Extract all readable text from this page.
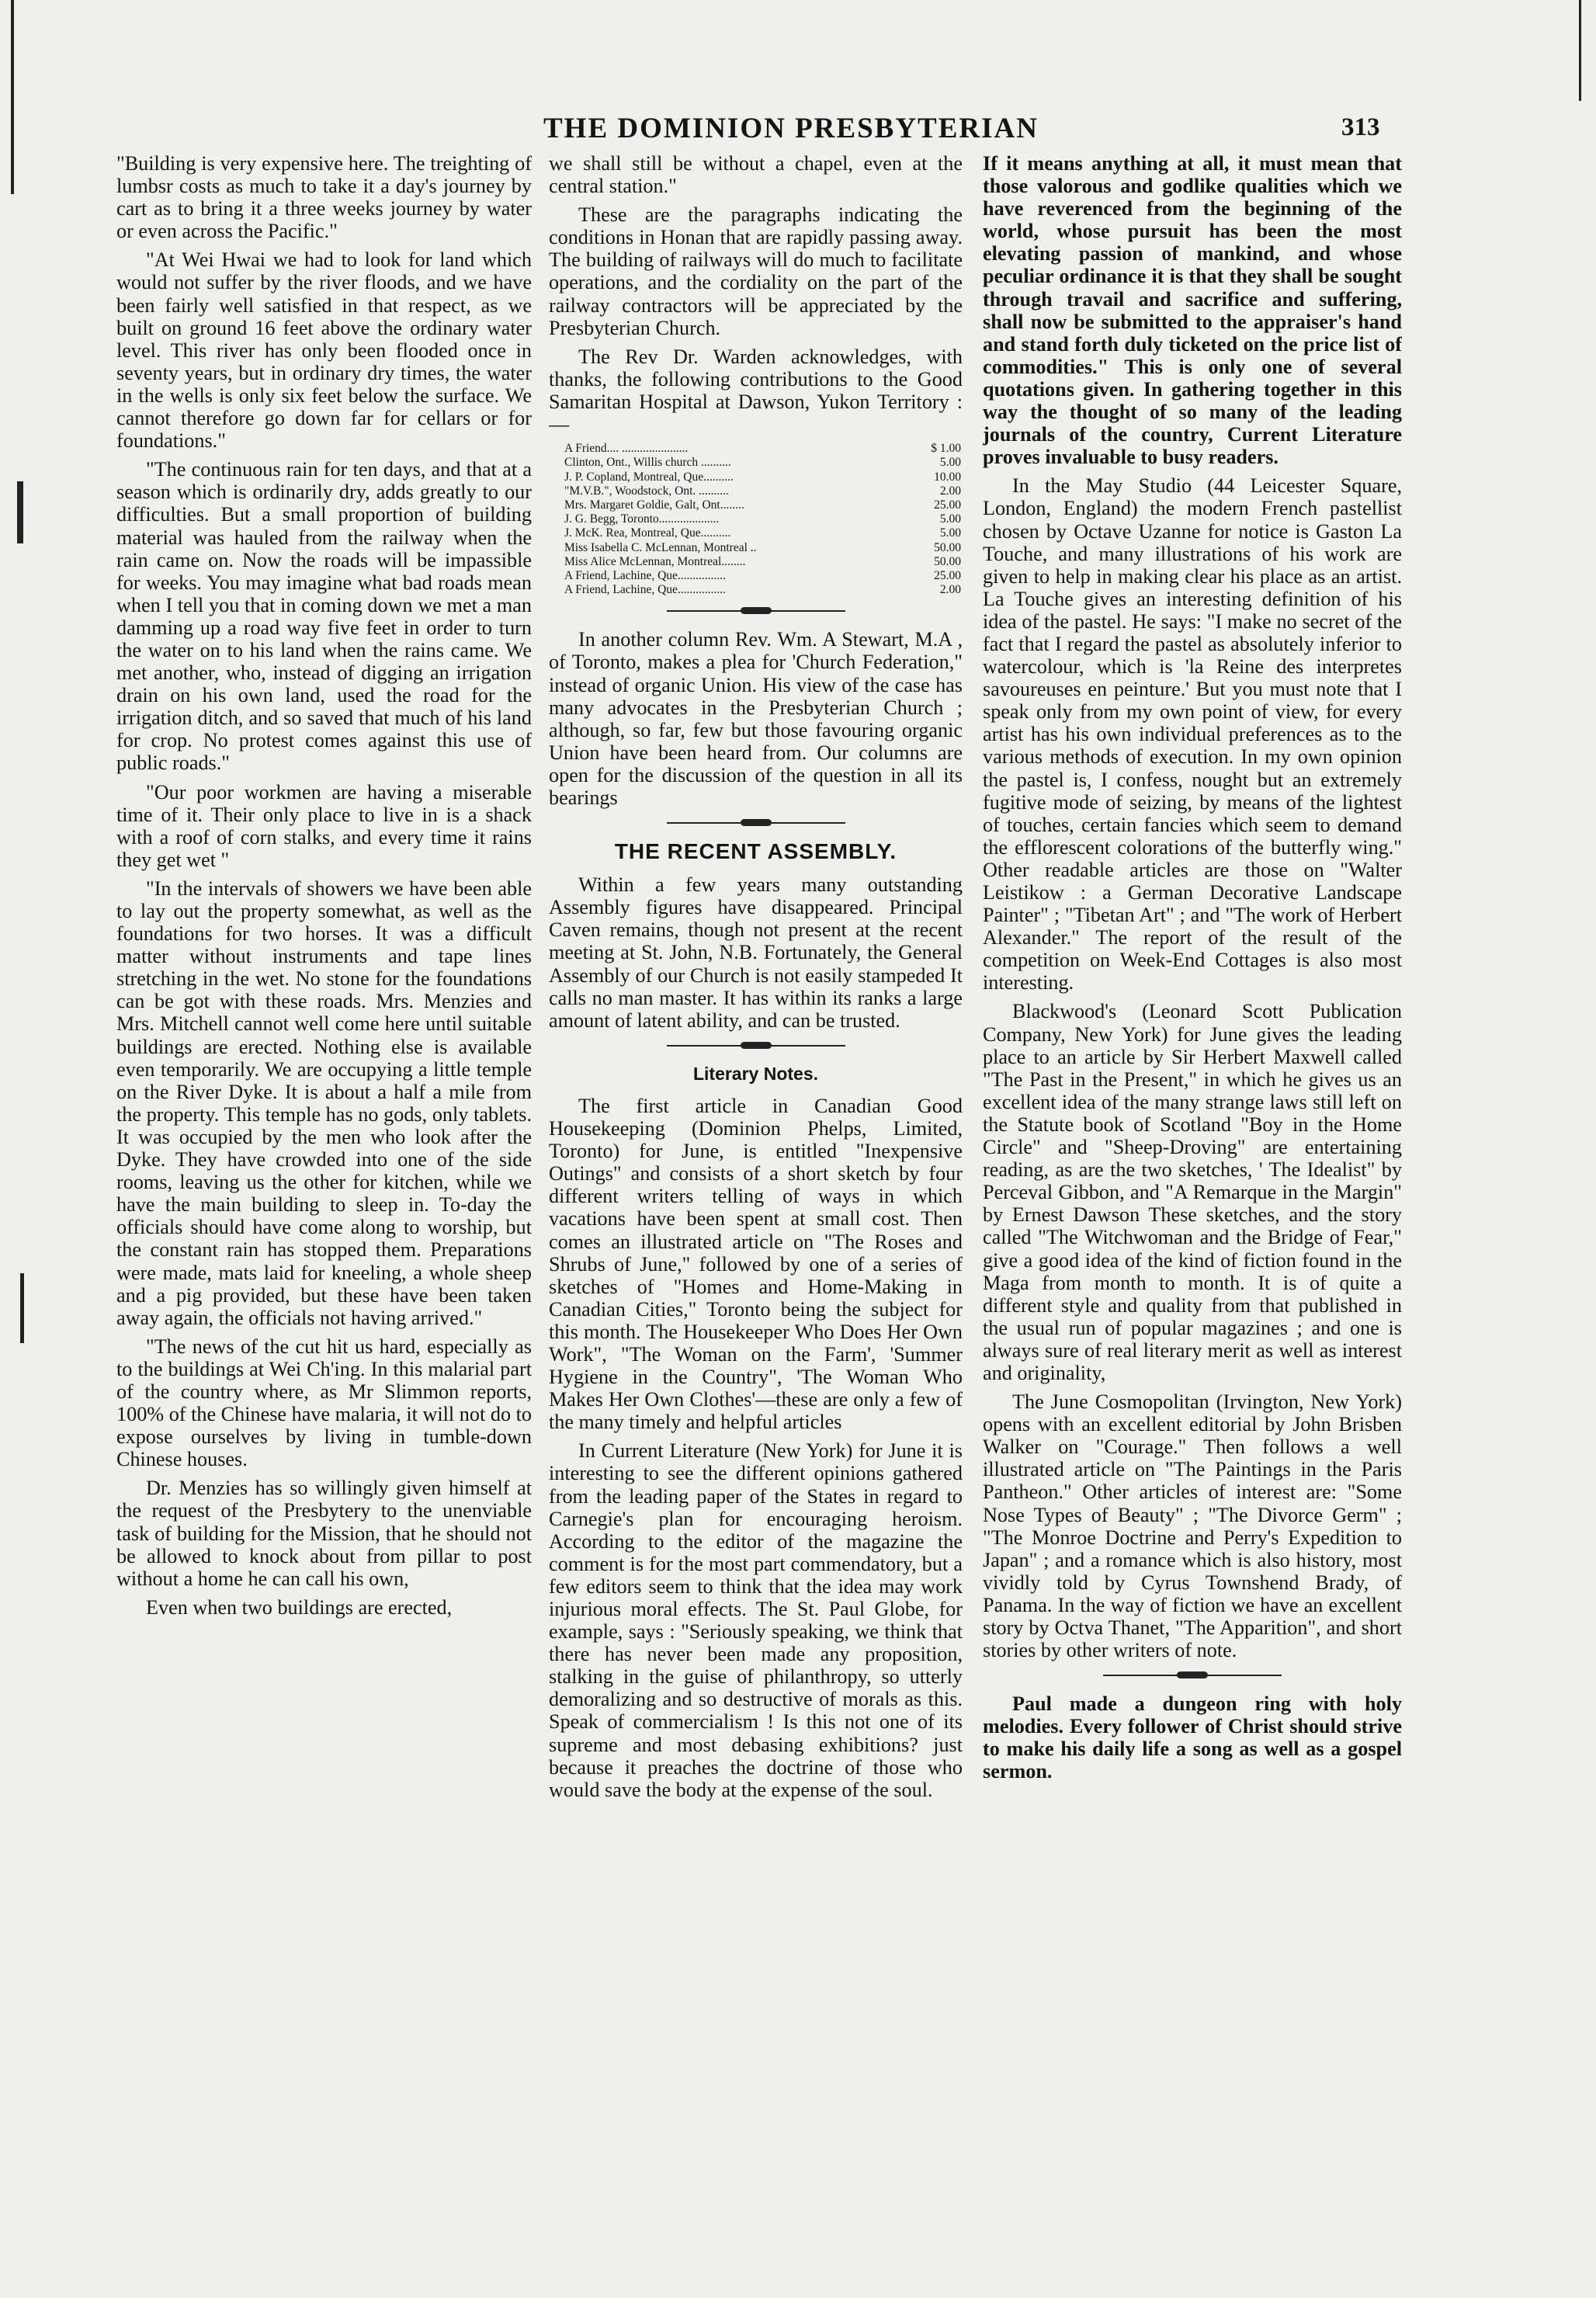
THE DOMINION PRESBYTERIAN	313

"Building is very expensive here. The treighting of lumbsr costs as much to take it a day's journey by cart as to bring it a three weeks journey by water or even across the Pacific."

"At Wei Hwai we had to look for land which would not suffer by the river floods, and we have been fairly well satisfied in that respect, as we built on ground 16 feet above the ordinary water level. This river has only been flooded once in seventy years, but in ordinary dry times, the water in the wells is only six feet below the surface. We cannot therefore go down far for cellars or for foundations."

"The continuous rain for ten days, and that at a season which is ordinarily dry, adds greatly to our difficulties. But a small proportion of building material was hauled from the railway when the rain came on. Now the roads will be impassible for weeks. You may imagine what bad roads mean when I tell you that in coming down we met a man damming up a road way five feet in order to turn the water on to his land when the rains came. We met another, who, instead of digging an irrigation drain on his own land, used the road for the irrigation ditch, and so saved that much of his land for crop. No protest comes against this use of public roads."

"Our poor workmen are having a miserable time of it. Their only place to live in is a shack with a roof of corn stalks, and every time it rains they get wet "

"In the intervals of showers we have been able to lay out the property somewhat, as well as the foundations for two horses. It was a difficult matter without instruments and tape lines stretching in the wet. No stone for the foundations can be got with these roads. Mrs. Menzies and Mrs. Mitchell cannot well come here until suitable buildings are erected. Nothing else is available even temporarily. We are occupying a little temple on the River Dyke. It is about a half a mile from the property. This temple has no gods, only tablets. It was occupied by the men who look after the Dyke. They have crowded into one of the side rooms, leaving us the other for kitchen, while we have the main building to sleep in. To-day the officials should have come along to worship, but the constant rain has stopped them. Preparations were made, mats laid for kneeling, a whole sheep and a pig provided, but these have been taken away again, the officials not having arrived."

"The news of the cut hit us hard, especially as to the buildings at Wei Ch'ing. In this malarial part of the country where, as Mr Slimmon reports, 100% of the Chinese have malaria, it will not do to expose ourselves by living in tumble-down Chinese houses.

Dr. Menzies has so willingly given himself at the request of the Presbytery to the unenviable task of building for the Mission, that he should not be allowed to knock about from pillar to post without a home he can call his own,

Even when two buildings are erected,

we shall still be without a chapel, even at the central station."

These are the paragraphs indicating the conditions in Honan that are rapidly passing away. The building of railways will do much to facilitate operations, and the cordiality on the part of the railway contractors will be appreciated by the Presbyterian Church.

The Rev Dr. Warden acknowledges, with thanks, the following contributions to the Good Samaritan Hospital at Dawson, Yukon Territory :—

A Friend.... ......................	$ 1.00
Clinton, Ont., Willis church ..........	5.00
J. P. Copland, Montreal, Que..........	10.00
"M.V.B.", Woodstock, Ont. ..........	2.00
Mrs. Margaret Goldie, Galt, Ont........	25.00
J. G. Begg, Toronto....................	5.00
J. McK. Rea, Montreal, Que..........	5.00
Miss Isabella C. McLennan, Montreal ..	50.00
Miss Alice McLennan, Montreal........	50.00
A Friend, Lachine, Que................	25.00
A Friend, Lachine, Que................	2.00

In another column Rev. Wm. A Stewart, M.A , of Toronto, makes a plea for 'Church Federation," instead of organic Union. His view of the case has many advocates in the Presbyterian Church ; although, so far, few but those favouring organic Union have been heard from. Our columns are open for the discussion of the question in all its bearings

THE RECENT ASSEMBLY.

Within a few years many outstanding Assembly figures have disappeared. Principal Caven remains, though not present at the recent meeting at St. John, N.B. Fortunately, the General Assembly of our Church is not easily stampeded It calls no man master. It has within its ranks a large amount of latent ability, and can be trusted.

Literary Notes.

The first article in Canadian Good Housekeeping (Dominion Phelps, Limited, Toronto) for June, is entitled "Inexpensive Outings" and consists of a short sketch by four different writers telling of ways in which vacations have been spent at small cost. Then comes an illustrated article on "The Roses and Shrubs of June," followed by one of a series of sketches of "Homes and Home-Making in Canadian Cities," Toronto being the subject for this month. The Housekeeper Who Does Her Own Work", "The Woman on the Farm', 'Summer Hygiene in the Country", 'The Woman Who Makes Her Own Clothes'—these are only a few of the many timely and helpful articles

In Current Literature (New York) for June it is interesting to see the different opinions gathered from the leading paper of the States in regard to Carnegie's plan for encouraging heroism. According to the editor of the magazine the comment is for the most part commendatory, but a few editors seem to think that the idea may work injurious moral effects. The St. Paul Globe, for example, says : "Seriously speaking, we think that there has never been made any proposition, stalking in the guise of philanthropy, so utterly demoralizing and so destructive of morals as this. Speak of commercialism ! Is this not one of its supreme and most debasing exhibitions? just because it preaches the doctrine of those who would save the body at the expense of the soul.

If it means anything at all, it must mean that those valorous and godlike qualities which we have reverenced from the beginning of the world, whose pursuit has been the most elevating passion of mankind, and whose peculiar ordinance it is that they shall be sought through travail and sacrifice and suffering, shall now be submitted to the appraiser's hand and stand forth duly ticketed on the price list of commodities." This is only one of several quotations given. In gathering together in this way the thought of so many of the leading journals of the country, Current Literature proves invaluable to busy readers.

In the May Studio (44 Leicester Square, London, England) the modern French pastellist chosen by Octave Uzanne for notice is Gaston La Touche, and many illustrations of his work are given to help in making clear his place as an artist. La Touche gives an interesting definition of his idea of the pastel. He says: "I make no secret of the fact that I regard the pastel as absolutely inferior to watercolour, which is 'la Reine des interpretes savoureuses en peinture.' But you must note that I speak only from my own point of view, for every artist has his own individual preferences as to the various methods of execution. In my own opinion the pastel is, I confess, nought but an extremely fugitive mode of seizing, by means of the lightest of touches, certain fancies which seem to demand the efflorescent colorations of the butterfly wing." Other readable articles are those on "Walter Leistikow : a German Decorative Landscape Painter" ; "Tibetan Art" ; and "The work of Herbert Alexander." The report of the result of the competition on Week-End Cottages is also most interesting.

Blackwood's (Leonard Scott Publication Company, New York) for June gives the leading place to an article by Sir Herbert Maxwell called "The Past in the Present," in which he gives us an excellent idea of the many strange laws still left on the Statute book of Scotland "Boy in the Home Circle" and "Sheep-Droving" are entertaining reading, as are the two sketches, ' The Idealist" by Perceval Gibbon, and "A Remarque in the Margin" by Ernest Dawson These sketches, and the story called "The Witchwoman and the Bridge of Fear," give a good idea of the kind of fiction found in the Maga from month to month. It is of quite a different style and quality from that published in the usual run of popular magazines ; and one is always sure of real literary merit as well as interest and originality,

The June Cosmopolitan (Irvington, New York) opens with an excellent editorial by John Brisben Walker on "Courage." Then follows a well illustrated article on "The Paintings in the Paris Pantheon." Other articles of interest are: "Some Nose Types of Beauty" ; "The Divorce Germ" ; "The Monroe Doctrine and Perry's Expedition to Japan" ; and a romance which is also history, most vividly told by Cyrus Townshend Brady, of Panama. In the way of fiction we have an excellent story by Octva Thanet, "The Apparition", and short stories by other writers of note.

Paul made a dungeon ring with holy melodies. Every follower of Christ should strive to make his daily life a song as well as a gospel sermon.
